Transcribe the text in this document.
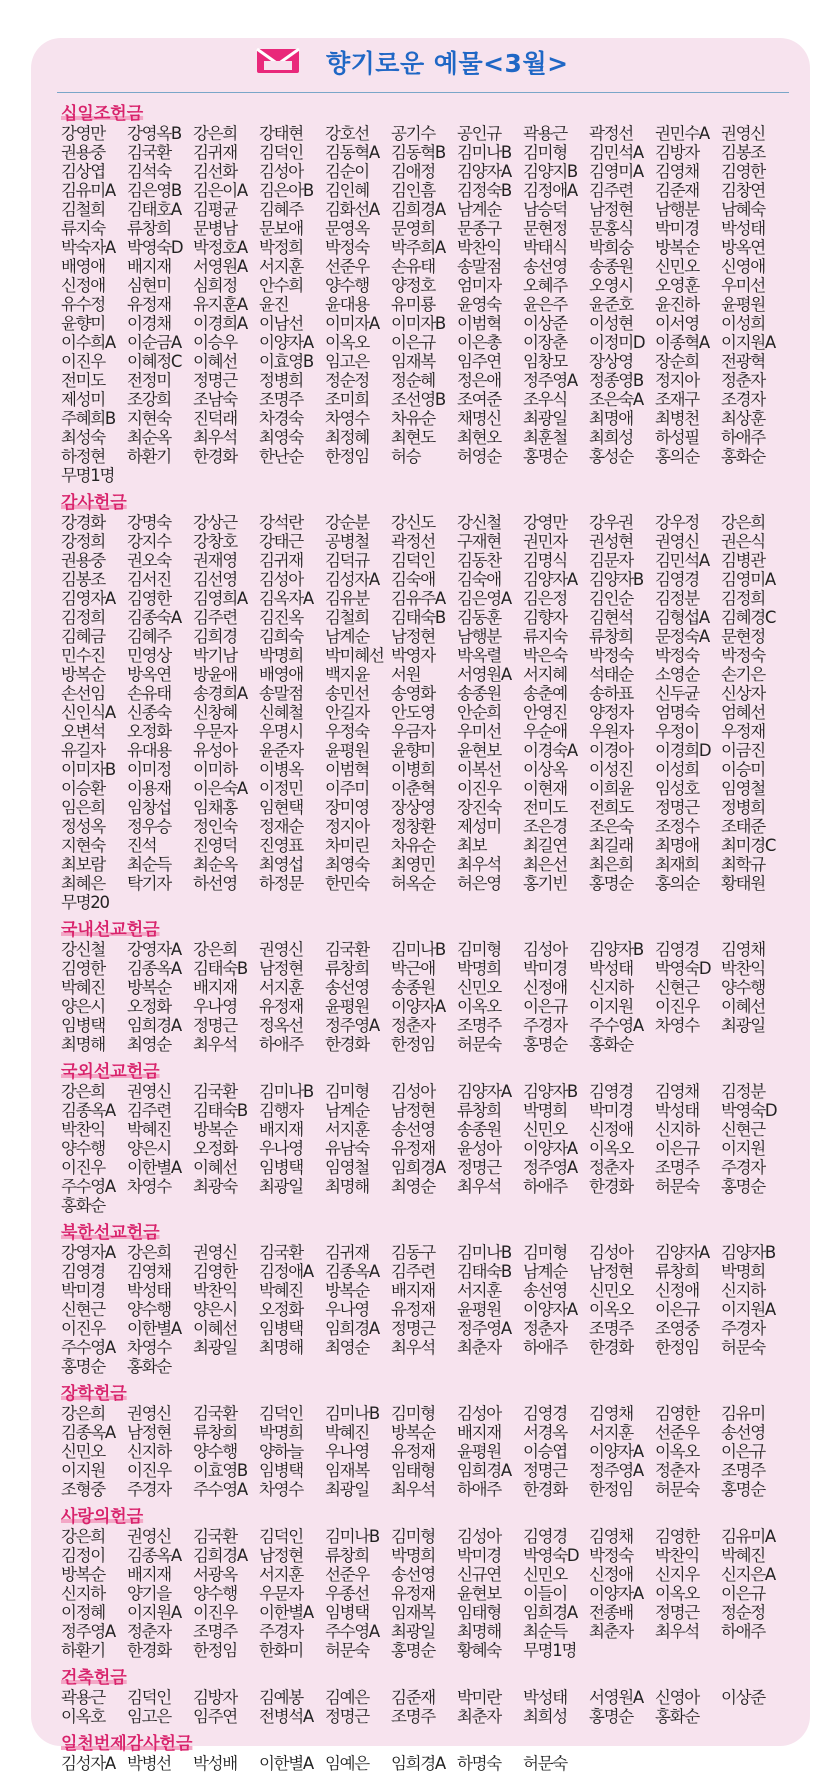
향기로운 예물<3월>
십일조헌금
강영만	강영옥B 강은희	강태현	강호선	공기수	공인규	곽용근	곽정선	권민수A 권영신
권용중	김국환	김귀재	김덕인	김동혁A 김동혁B 김미나B 김미형	김민석A 김방자	김봉조
김상엽	김석숙	김선화	김성아	김순이	김애정	김양자A 김양지B 김영미A 김영채	김영한
김유미A 김은영B 김은이A 김은아B 김인혜	김인흠	김정숙B 김정애A 김주련	김준재	김창연
김철희	김태호A 김평균	김혜주	김화선A 김희경A 남계순	남승덕	남정현	남행분	남혜숙
류지숙	류창희	문병남	문보애	문영옥	문영희	문종구	문현정	문홍식	박미경	박성태
박숙자A 박영숙D 박정호A 박정희	박정숙	박주희A 박찬익	박태식	박희숭	방복순	방옥연
배영애	배지재	서영원A 서지훈	선준우	손유태	송말점	송선영	송종원	신민오	신영애
신정애	심현미	심희정	안수희	양수행	양정호	엄미자	오혜주	오영시	오영훈	우미선
유수정	유정재	유지훈A 윤진	윤대용	유미룡	윤영숙	윤은주	윤준호	윤진하	윤평원
윤향미	이경채	이경희A 이남선	이미자A 이미자B 이범혁	이상준	이성현	이서영	이성희
이수희A 이순금A 이승우	이양자A 이옥오	이은규	이은총	이장춘	이정미D 이종혁A 이지원A
이진우	이혜정C 이혜선	이효영B 임고은	임재복	임주연	임창모	장상영	장순희	전광혁
전미도	전정미	정명근	정병희	정순정	정순혜	정은애	정주영A 정종영B 정지아	정춘자
제성미	조강희	조남숙	조명주	조미희	조선영B 조여준	조우식	조은숙A 조재구	조경자
주혜희B 지현숙	진덕래	차경숙	차영수	차유순	채명신	최광일	최명애	최병천	최상훈
최성숙	최순옥	최우석	최영숙	최정혜	최현도	최현오	최훈철	최희성	하성필	하애주
하정현	하환기	한경화	한난순	한정임	허승	허영순	홍명순	홍성순	홍의순	홍화순
무명1명
감사헌금
강경화	강명숙	강상근	강석란	강순분	강신도	강신철	강영만	강우권	강우정	강은희
강정희	강지수	강창호	강태근	공병철	곽정선	구재현	권민자	권성현	권영신	권은식
권용중	권오숙	권재영	김귀재	김덕규	김덕인	김동찬	김명식	김문자	김민석A 김병관
김봉조	김서진	김선영	김성아	김성자A 김숙애	김숙애	김양자A 김양자B 김영경	김영미A
김영자A 김영한	김영희A 김옥자A 김유분	김유주A 김은영A 김은정	김인순	김정분	김정희
김정희	김종숙A 김주련	김진옥	김철희	김태숙B 김동훈	김향자	김현석	김형섭A 김혜경C
김혜금	김혜주	김희경	김희숙	남계순	남정현	남행분	류지숙	류창희	문정숙A 문현정
민수진	민영상	박기남	박명희	박미혜선 박영자	박옥렬	박은숙	박정숙	박정숙	박정숙
방복순	방옥연	방윤애	배영애	백지윤	서원	서영원A 서지혜	석태순	소영순	손기은
손선임	손유태	송경희A 송말점	송민선	송영화	송종원	송춘예	송하표	신두균	신상자
신인식A 신종숙	신창혜	신혜철	안길자	안도영	안순희	안영진	양정자	엄명숙	엄혜선
오변석	오정화	우문자	우명시	우정숙	우금자	우미선	우순애	우원자	우정이	우정재
유길자	유대용	유성아	윤준자	윤평원	윤향미	윤현보	이경숙A 이경아	이경희D 이금진
이미자B 이미정	이미하	이병옥	이범혁	이병희	이복선	이상옥	이성진	이성희	이승미
이승환	이용재	이은숙A 이정민	이주미	이춘혁	이진우	이현재	이희윤	임성호	임영철
임은희	임창섭	임채홍	임현택	장미영	장상영	장진숙	전미도	전희도	정명근	정병희
정성옥	정우승	정인숙	정재순	정지아	정창환	제성미	조은경	조은숙	조정수	조태준
지현숙	진석	진영덕	진영표	차미린	차유순	최보	최길연	최길래	최명애	최미경C
최보람	최순득	최순옥	최영섭	최영숙	최영민	최우석	최은선	최은희	최재희	최학규
최혜은	탁기자	하선영	하정문	한민숙	허옥순	허은영	홍기빈	홍명순	홍의순	황태원
무명20
국내선교헌금
강신철	강영자A 강은희	권영신	김국환	김미나B 김미형	김성아	김양자B 김영경	김영채
김영한	김종옥A 김태숙B 남정현	류창희	박근애	박명희	박미경	박성태	박영숙D 박찬익
박혜진	방복순	배지재	서지훈	송선영	송종원	신민오	신정애	신지하	신현근	양수행
양은시	오정화	우나영	유정재	윤평원	이양자A 이옥오	이은규	이지원	이진우	이혜선
임병택	임희경A 정명근	정옥선	정주영A 정춘자	조명주	주경자	주수영A 차영수	최광일
최명해	최영순	최우석	하애주	한경화	한정임	허문숙	홍명순	홍화순
국외선교헌금
강은희	권영신	김국환	김미나B 김미형	김성아	김양자A 김양자B 김영경	김영채	김정분
김종옥A 김주련	김태숙B 김행자	남계순	남정현	류창희	박명희	박미경	박성태	박영숙D
박찬익	박혜진	방복순	배지재	서지훈	송선영	송종원	신민오	신정애	신지하	신현근
양수행	양은시	오정화	우나영	유남숙	유정재	윤성아	이양자A 이옥오	이은규	이지원
이진우	이한별A 이혜선	임병택	임영철	임희경A 정명근	정주영A 정춘자	조명주	주경자
주수영A 차영수	최광숙	최광일	최명해	최영순	최우석	하애주	한경화	허문숙	홍명순
홍화순
북한선교헌금
강영자A 강은희	권영신	김국환	김귀재	김동구	김미나B 김미형	김성아	김양자A 김양자B
김영경	김영채	김영한	김정애A 김종옥A 김주련	김태숙B 남계순	남정현	류창희	박명희
박미경	박성태	박찬익	박혜진	방복순	배지재	서지훈	송선영	신민오	신정애	신지하
신현근	양수행	양은시	오정화	우나영	유정재	윤평원	이양자A 이옥오	이은규	이지원A
이진우	이한별A 이혜선	임병택	임희경A 정명근	정주영A 정춘자	조명주	조영중	주경자
주수영A 차영수	최광일	최명해	최영순	최우석	최춘자	하애주	한경화	한정임	허문숙
홍명순	홍화순
장학헌금
강은희	권영신	김국환	김덕인	김미나B 김미형	김성아	김영경	김영채	김영한	김유미
김종옥A 남정현	류창희	박명희	박혜진	방복순	배지재	서경옥	서지훈	선준우	송선영
신민오	신지하	양수행	양하늘	우나영	유정재	윤평원	이승엽	이양자A 이옥오	이은규
이지원	이진우	이효영B 임병택	임재복	임태형	임희경A 정명근	정주영A 정춘자	조명주
조형중	주경자	주수영A 차영수	최광일	최우석	하애주	한경화	한정임	허문숙	홍명순
사랑의헌금
강은희	권영신	김국환	김덕인	김미나B 김미형	김성아	김영경	김영채	김영한	김유미A
김정이	김종옥A 김희경A 남정현	류창희	박명희	박미경	박영숙D 박정숙	박찬익	박혜진
방복순	배지재	서광옥	서지훈	선준우	송선영	신규연	신민오	신정애	신지우	신지은A
신지하	양기을	양수행	우문자	우종선	유정재	윤현보	이들이	이양자A 이옥오	이은규
이정혜	이지원A 이진우	이한별A 임병택	임재복	임태형	임희경A 전종배	정명근	정순정
정주영A 정춘자	조명주	주경자	주수영A 최광일	최명해	최순득	최춘자	최우석	하애주
하환기	한경화	한정임	한화미	허문숙	홍명순	황혜숙	무명1명
건축헌금
곽용근	김덕인	김방자	김예봉	김예은	김준재	박미란	박성태	서영원A 신영아	이상준
이옥호	임고은	임주연	전병석A 정명근	조명주	최춘자	최희성	홍명순	홍화순
일천번제감사헌금
김성자A 박병선	박성배	이한별A 임예은	임희경A 하명숙	허문숙
